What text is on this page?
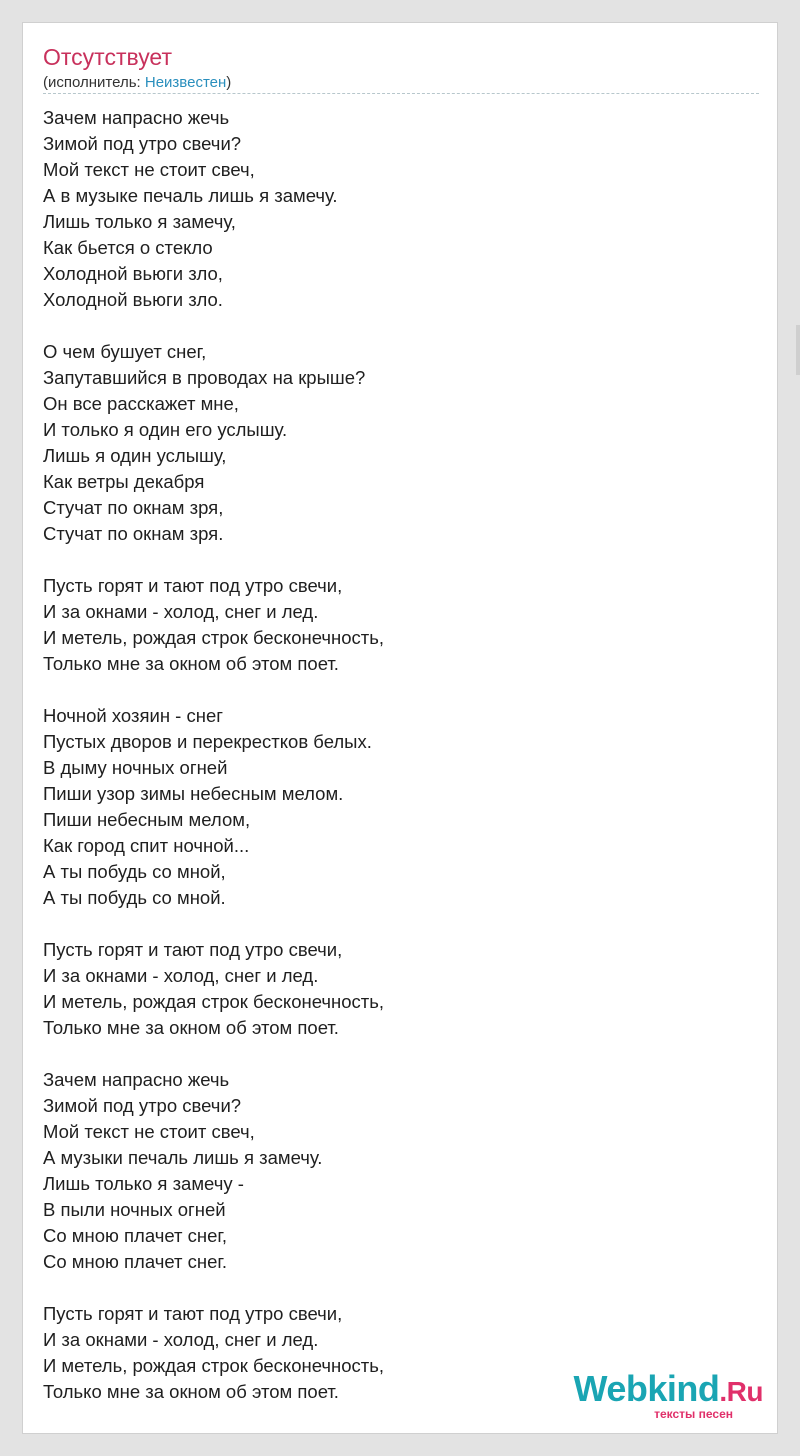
Отсутствует
(исполнитель: Неизвестен)
Зачем напрасно жечь
Зимой под утро свечи?
Мой текст не стоит свеч,
А в музыке печаль лишь я замечу.
Лишь только я замечу,
Как бьется о стекло
Холодной вьюги зло,
Холодной вьюги зло.
О чем бушует снег,
Запутавшийся в проводах на крыше?
Он все расскажет мне,
И только я один его услышу.
Лишь я один услышу,
Как ветры декабря
Стучат по окнам зря,
Стучат по окнам зря.
Пусть горят и тают под утро свечи,
И за окнами - холод, снег и лед.
И метель, рождая строк бесконечность,
Только мне за окном об этом поет.
Ночной хозяин - снег
Пустых дворов и перекрестков белых.
В дыму ночных огней
Пиши узор зимы небесным мелом.
Пиши небесным мелом,
Как город спит ночной...
А ты побудь со мной,
А ты побудь со мной.
Пусть горят и тают под утро свечи,
И за окнами - холод, снег и лед.
И метель, рождая строк бесконечность,
Только мне за окном об этом поет.
Зачем напрасно жечь
Зимой под утро свечи?
Мой текст не стоит свеч,
А музыки печаль лишь я замечу.
Лишь только я замечу -
В пыли ночных огней
Со мною плачет снег,
Со мною плачет снег.
Пусть горят и тают под утро свечи,
И за окнами - холод, снег и лед.
И метель, рождая строк бесконечность,
Только мне за окном об этом поет.	Webkind.Ru
тексты песен
